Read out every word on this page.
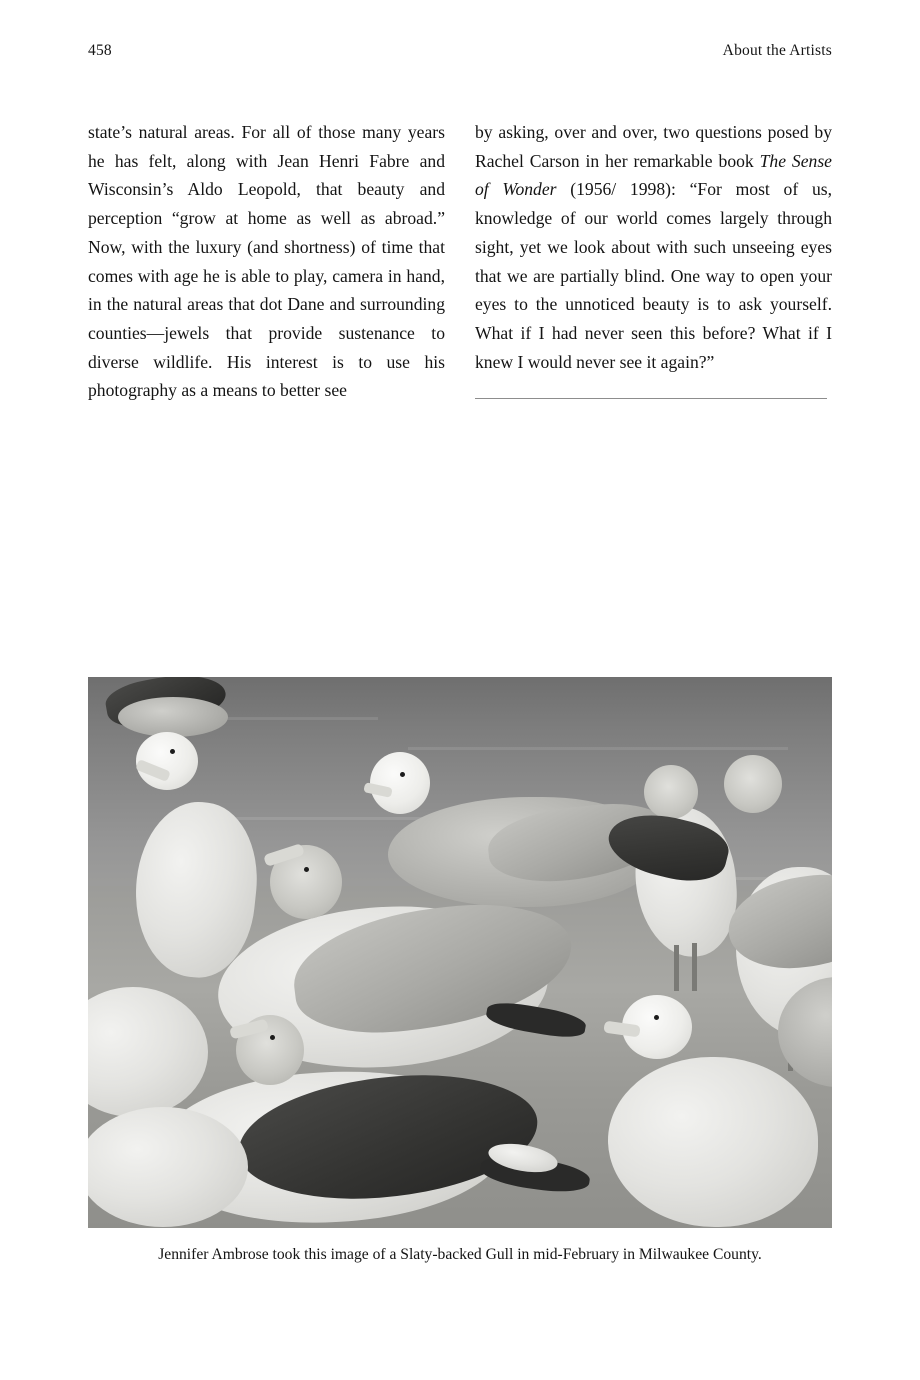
458	About the Artists

state’s natural areas. For all of those many years he has felt, along with Jean Henri Fabre and Wisconsin’s Aldo Leopold, that beauty and perception “grow at home as well as abroad.” Now, with the luxury (and shortness) of time that comes with age he is able to play, camera in hand, in the natural areas that dot Dane and surrounding counties—jewels that provide sustenance to diverse wildlife. His interest is to use his photography as a means to better see

by asking, over and over, two questions posed by Rachel Carson in her remarkable book The Sense of Wonder (1956/ 1998): “For most of us, knowledge of our world comes largely through sight, yet we look about with such unseeing eyes that we are partially blind. One way to open your eyes to the unnoticed beauty is to ask yourself. What if I had never seen this before? What if I knew I would never see it again?”

Jennifer Ambrose took this image of a Slaty-backed Gull in mid-February in Milwaukee County.
